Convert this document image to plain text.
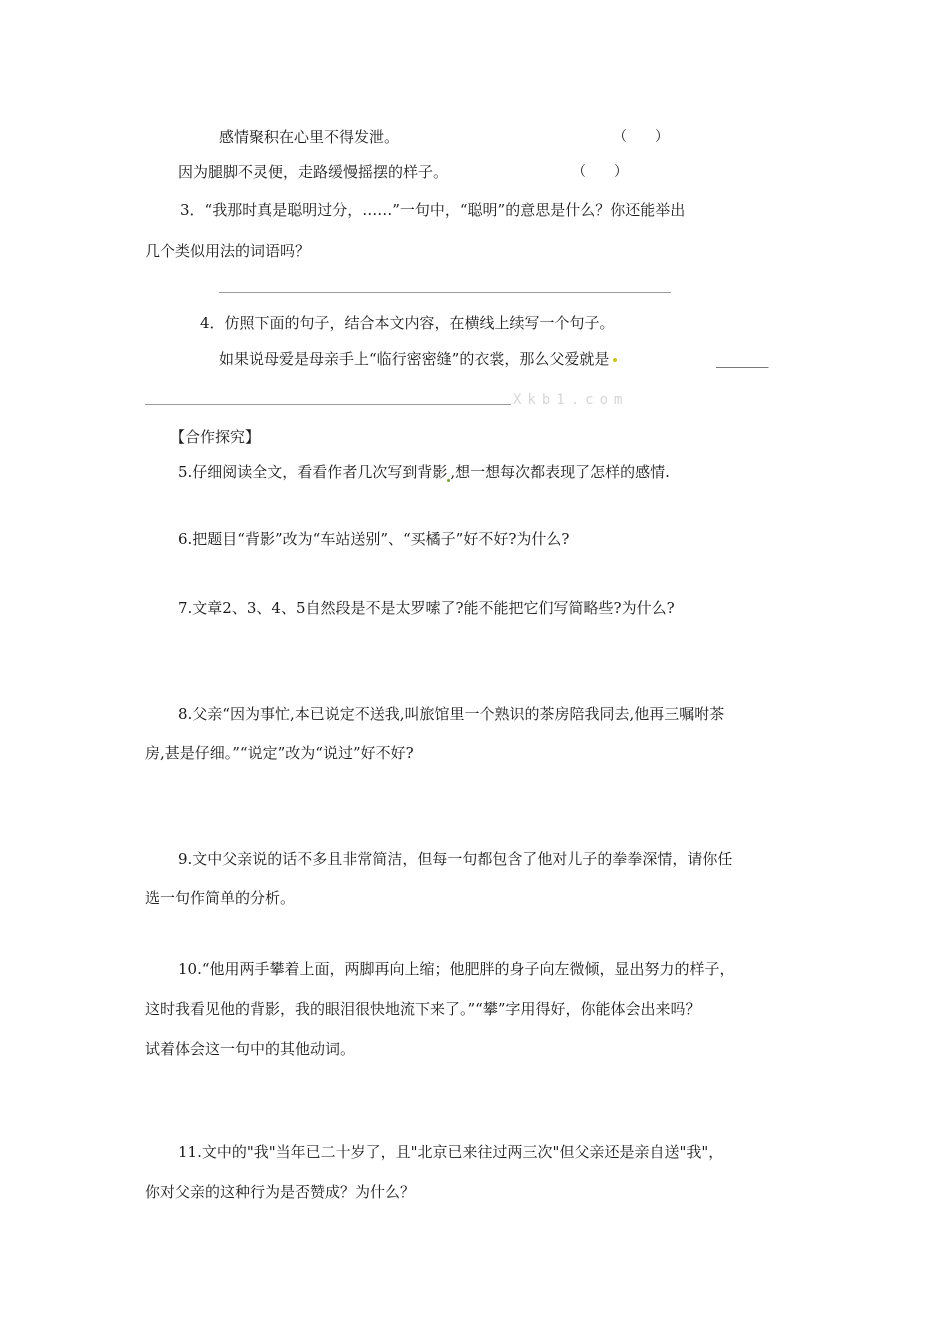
感情聚积在心里不得发泄。	（　　）
因为腿脚不灵便，走路缓慢摇摆的样子。	（　　）
3．“我那时真是聪明过分，……”一句中，“聪明”的意思是什么？你还能举出
几个类似用法的词语吗？
4．仿照下面的句子，结合本文内容，在横线上续写一个句子。
如果说母爱是母亲手上“临行密密缝”的衣裳，那么父爱就是	_______
Xkb1.com
【合作探究】
5.仔细阅读全文，看看作者几次写到背影 ,想一想每次都表现了怎样的感情.
6.把题目“背影”改为“车站送别”、“买橘子”好不好?为什么?
7.文章2、3、4、5自然段是不是太罗嗦了?能不能把它们写简略些?为什么?
8.父亲“因为事忙,本已说定不送我,叫旅馆里一个熟识的茶房陪我同去,他再三嘱咐茶
房,甚是仔细。”“说定”改为“说过”好不好?
9.文中父亲说的话不多且非常简洁，但每一句都包含了他对儿子的拳拳深情，请你任
选一句作简单的分析。
10.“他用两手攀着上面，两脚再向上缩；他肥胖的身子向左微倾，显出努力的样子，
这时我看见他的背影，我的眼泪很快地流下来了。”“攀”字用得好，你能体会出来吗？
试着体会这一句中的其他动词。
11.文中的"我"当年已二十岁了，且"北京已来往过两三次"但父亲还是亲自送"我"，
你对父亲的这种行为是否赞成？为什么？
